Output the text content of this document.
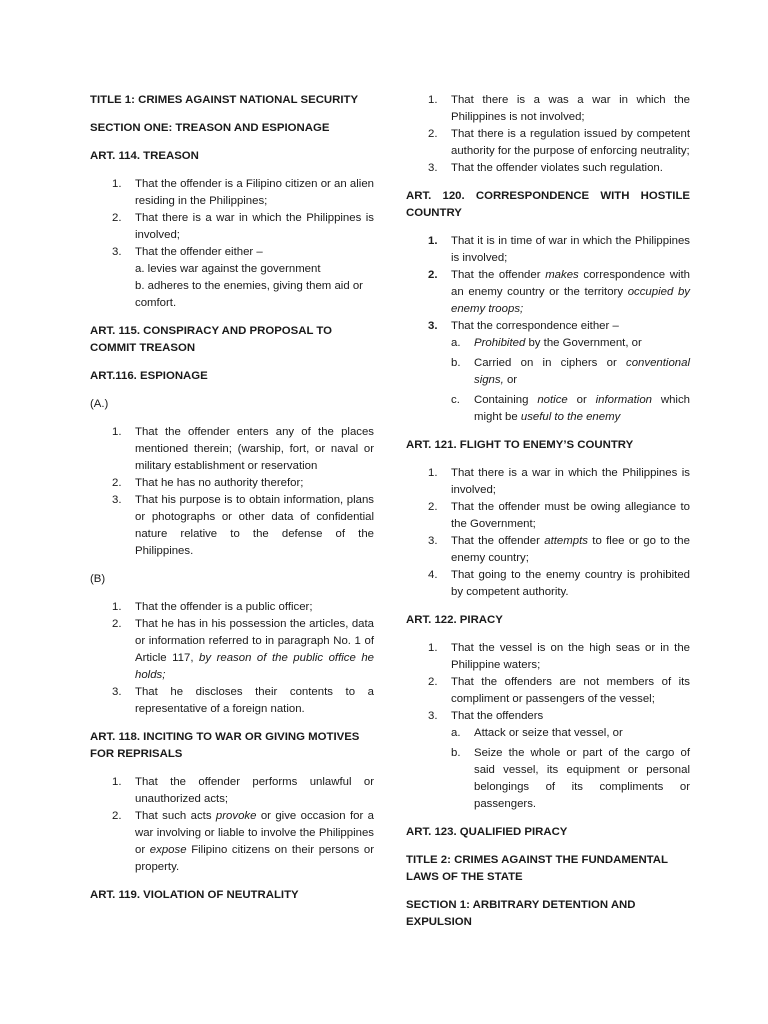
TITLE 1: CRIMES AGAINST NATIONAL SECURITY

SECTION ONE: TREASON AND ESPIONAGE

ART. 114. TREASON

1. That the offender is a Filipino citizen or an alien residing in the Philippines;
2. That there is a war in which the Philippines is involved;
3. That the offender either –
a. levies war against the government
b. adheres to the enemies, giving them aid or comfort.

ART. 115. CONSPIRACY AND PROPOSAL TO COMMIT TREASON

ART.116. ESPIONAGE

(A.)

1. That the offender enters any of the places mentioned therein; (warship, fort, or naval or military establishment or reservation
2. That he has no authority therefor;
3. That his purpose is to obtain information, plans or photographs or other data of confidential nature relative to the defense of the Philippines.

(B)

1. That the offender is a public officer;
2. That he has in his possession the articles, data or information referred to in paragraph No. 1 of Article 117, by reason of the public office he holds;
3. That he discloses their contents to a representative of a foreign nation.

ART. 118. INCITING TO WAR OR GIVING MOTIVES FOR REPRISALS

1. That the offender performs unlawful or unauthorized acts;
2. That such acts provoke or give occasion for a war involving or liable to involve the Philippines or expose Filipino citizens on their persons or property.

ART. 119. VIOLATION OF NEUTRALITY

1. That there is a was a war in which the Philippines is not involved;
2. That there is a regulation issued by competent authority for the purpose of enforcing neutrality;
3. That the offender violates such regulation.

ART. 120. CORRESPONDENCE WITH HOSTILE COUNTRY

1. That it is in time of war in which the Philippines is involved;
2. That the offender makes correspondence with an enemy country or the territory occupied by enemy troops;
3. That the correspondence either –
a. Prohibited by the Government, or
b. Carried on in ciphers or conventional signs, or
c. Containing notice or information which might be useful to the enemy

ART. 121. FLIGHT TO ENEMY’S COUNTRY

1. That there is a war in which the Philippines is involved;
2. That the offender must be owing allegiance to the Government;
3. That the offender attempts to flee or go to the enemy country;
4. That going to the enemy country is prohibited by competent authority.

ART. 122. PIRACY

1. That the vessel is on the high seas or in the Philippine waters;
2. That the offenders are not members of its compliment or passengers of the vessel;
3. That the offenders
a. Attack or seize that vessel, or
b. Seize the whole or part of the cargo of said vessel, its equipment or personal belongings of its compliments or passengers.

ART. 123. QUALIFIED PIRACY

TITLE 2: CRIMES AGAINST THE FUNDAMENTAL LAWS OF THE STATE

SECTION 1: ARBITRARY DETENTION AND EXPULSION
